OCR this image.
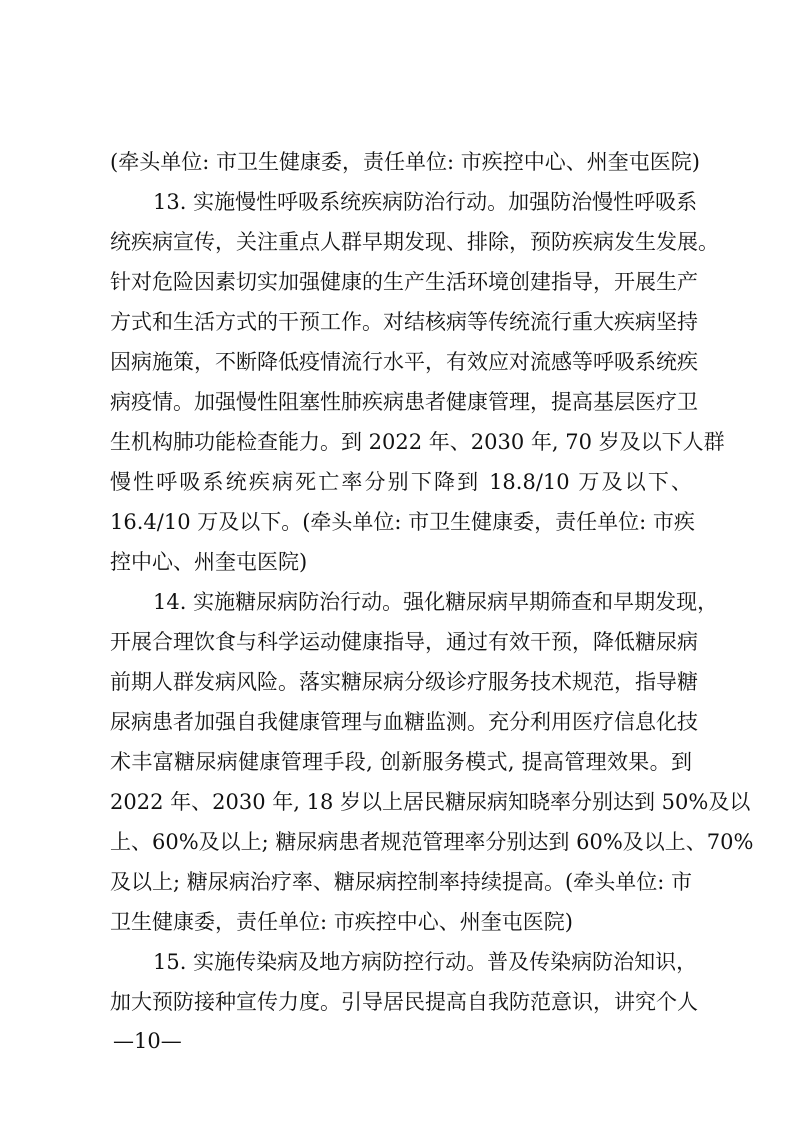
(牵头单位: 市卫生健康委，责任单位: 市疾控中心、州奎屯医院)
13. 实施慢性呼吸系统疾病防治行动。加强防治慢性呼吸系
统疾病宣传，关注重点人群早期发现、排除，预防疾病发生发展。
针对危险因素切实加强健康的生产生活环境创建指导，开展生产
方式和生活方式的干预工作。对结核病等传统流行重大疾病坚持
因病施策，不断降低疫情流行水平，有效应对流感等呼吸系统疾
病疫情。加强慢性阻塞性肺疾病患者健康管理，提高基层医疗卫
生机构肺功能检查能力。到 2022 年、2030 年, 70 岁及以下人群
慢性呼吸系统疾病死亡率分别下降到 18.8/10 万及以下、
16.4/10 万及以下。(牵头单位: 市卫生健康委，责任单位: 市疾
控中心、州奎屯医院)
14. 实施糖尿病防治行动。强化糖尿病早期筛查和早期发现，
开展合理饮食与科学运动健康指导，通过有效干预，降低糖尿病
前期人群发病风险。落实糖尿病分级诊疗服务技术规范，指导糖
尿病患者加强自我健康管理与血糖监测。充分利用医疗信息化技
术丰富糖尿病健康管理手段, 创新服务模式, 提高管理效果。到
2022 年、2030 年, 18 岁以上居民糖尿病知晓率分别达到 50%及以
上、60%及以上; 糖尿病患者规范管理率分别达到 60%及以上、70%
及以上; 糖尿病治疗率、糖尿病控制率持续提高。(牵头单位: 市
卫生健康委，责任单位: 市疾控中心、州奎屯医院)
15. 实施传染病及地方病防控行动。普及传染病防治知识，
加大预防接种宣传力度。引导居民提高自我防范意识，讲究个人
—10—
